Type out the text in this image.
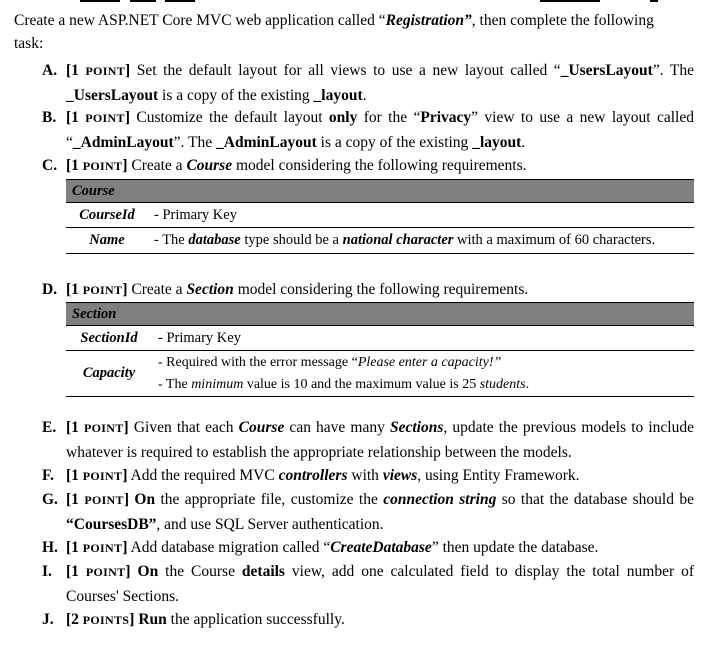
Create a new ASP.NET Core MVC web application called “Registration”, then complete the following
task:
A. [1 POINT] Set the default layout for all views to use a new layout called “_UsersLayout”. The _UsersLayout is a copy of the existing _layout.
B. [1 POINT] Customize the default layout only for the “Privacy” view to use a new layout called “_AdminLayout”. The _AdminLayout is a copy of the existing _layout.
C. [1 POINT] Create a Course model considering the following requirements.
Course	
CourseId	- Primary Key
Name	- The database type should be a national character with a maximum of 60 characters.
D. [1 POINT] Create a Section model considering the following requirements.
Section	
SectionId	- Primary Key
Capacity	- Required with the error message “Please enter a capacity!”
- The minimum value is 10 and the maximum value is 25 students.
E. [1 POINT] Given that each Course can have many Sections, update the previous models to include whatever is required to establish the appropriate relationship between the models.
F. [1 POINT] Add the required MVC controllers with views, using Entity Framework.
G. [1 POINT] On the appropriate file, customize the connection string so that the database should be “CoursesDB”, and use SQL Server authentication.
H. [1 POINT] Add database migration called “CreateDatabase” then update the database.
I. [1 POINT] On the Course details view, add one calculated field to display the total number of Courses' Sections.
J. [2 POINTS] Run the application successfully.
